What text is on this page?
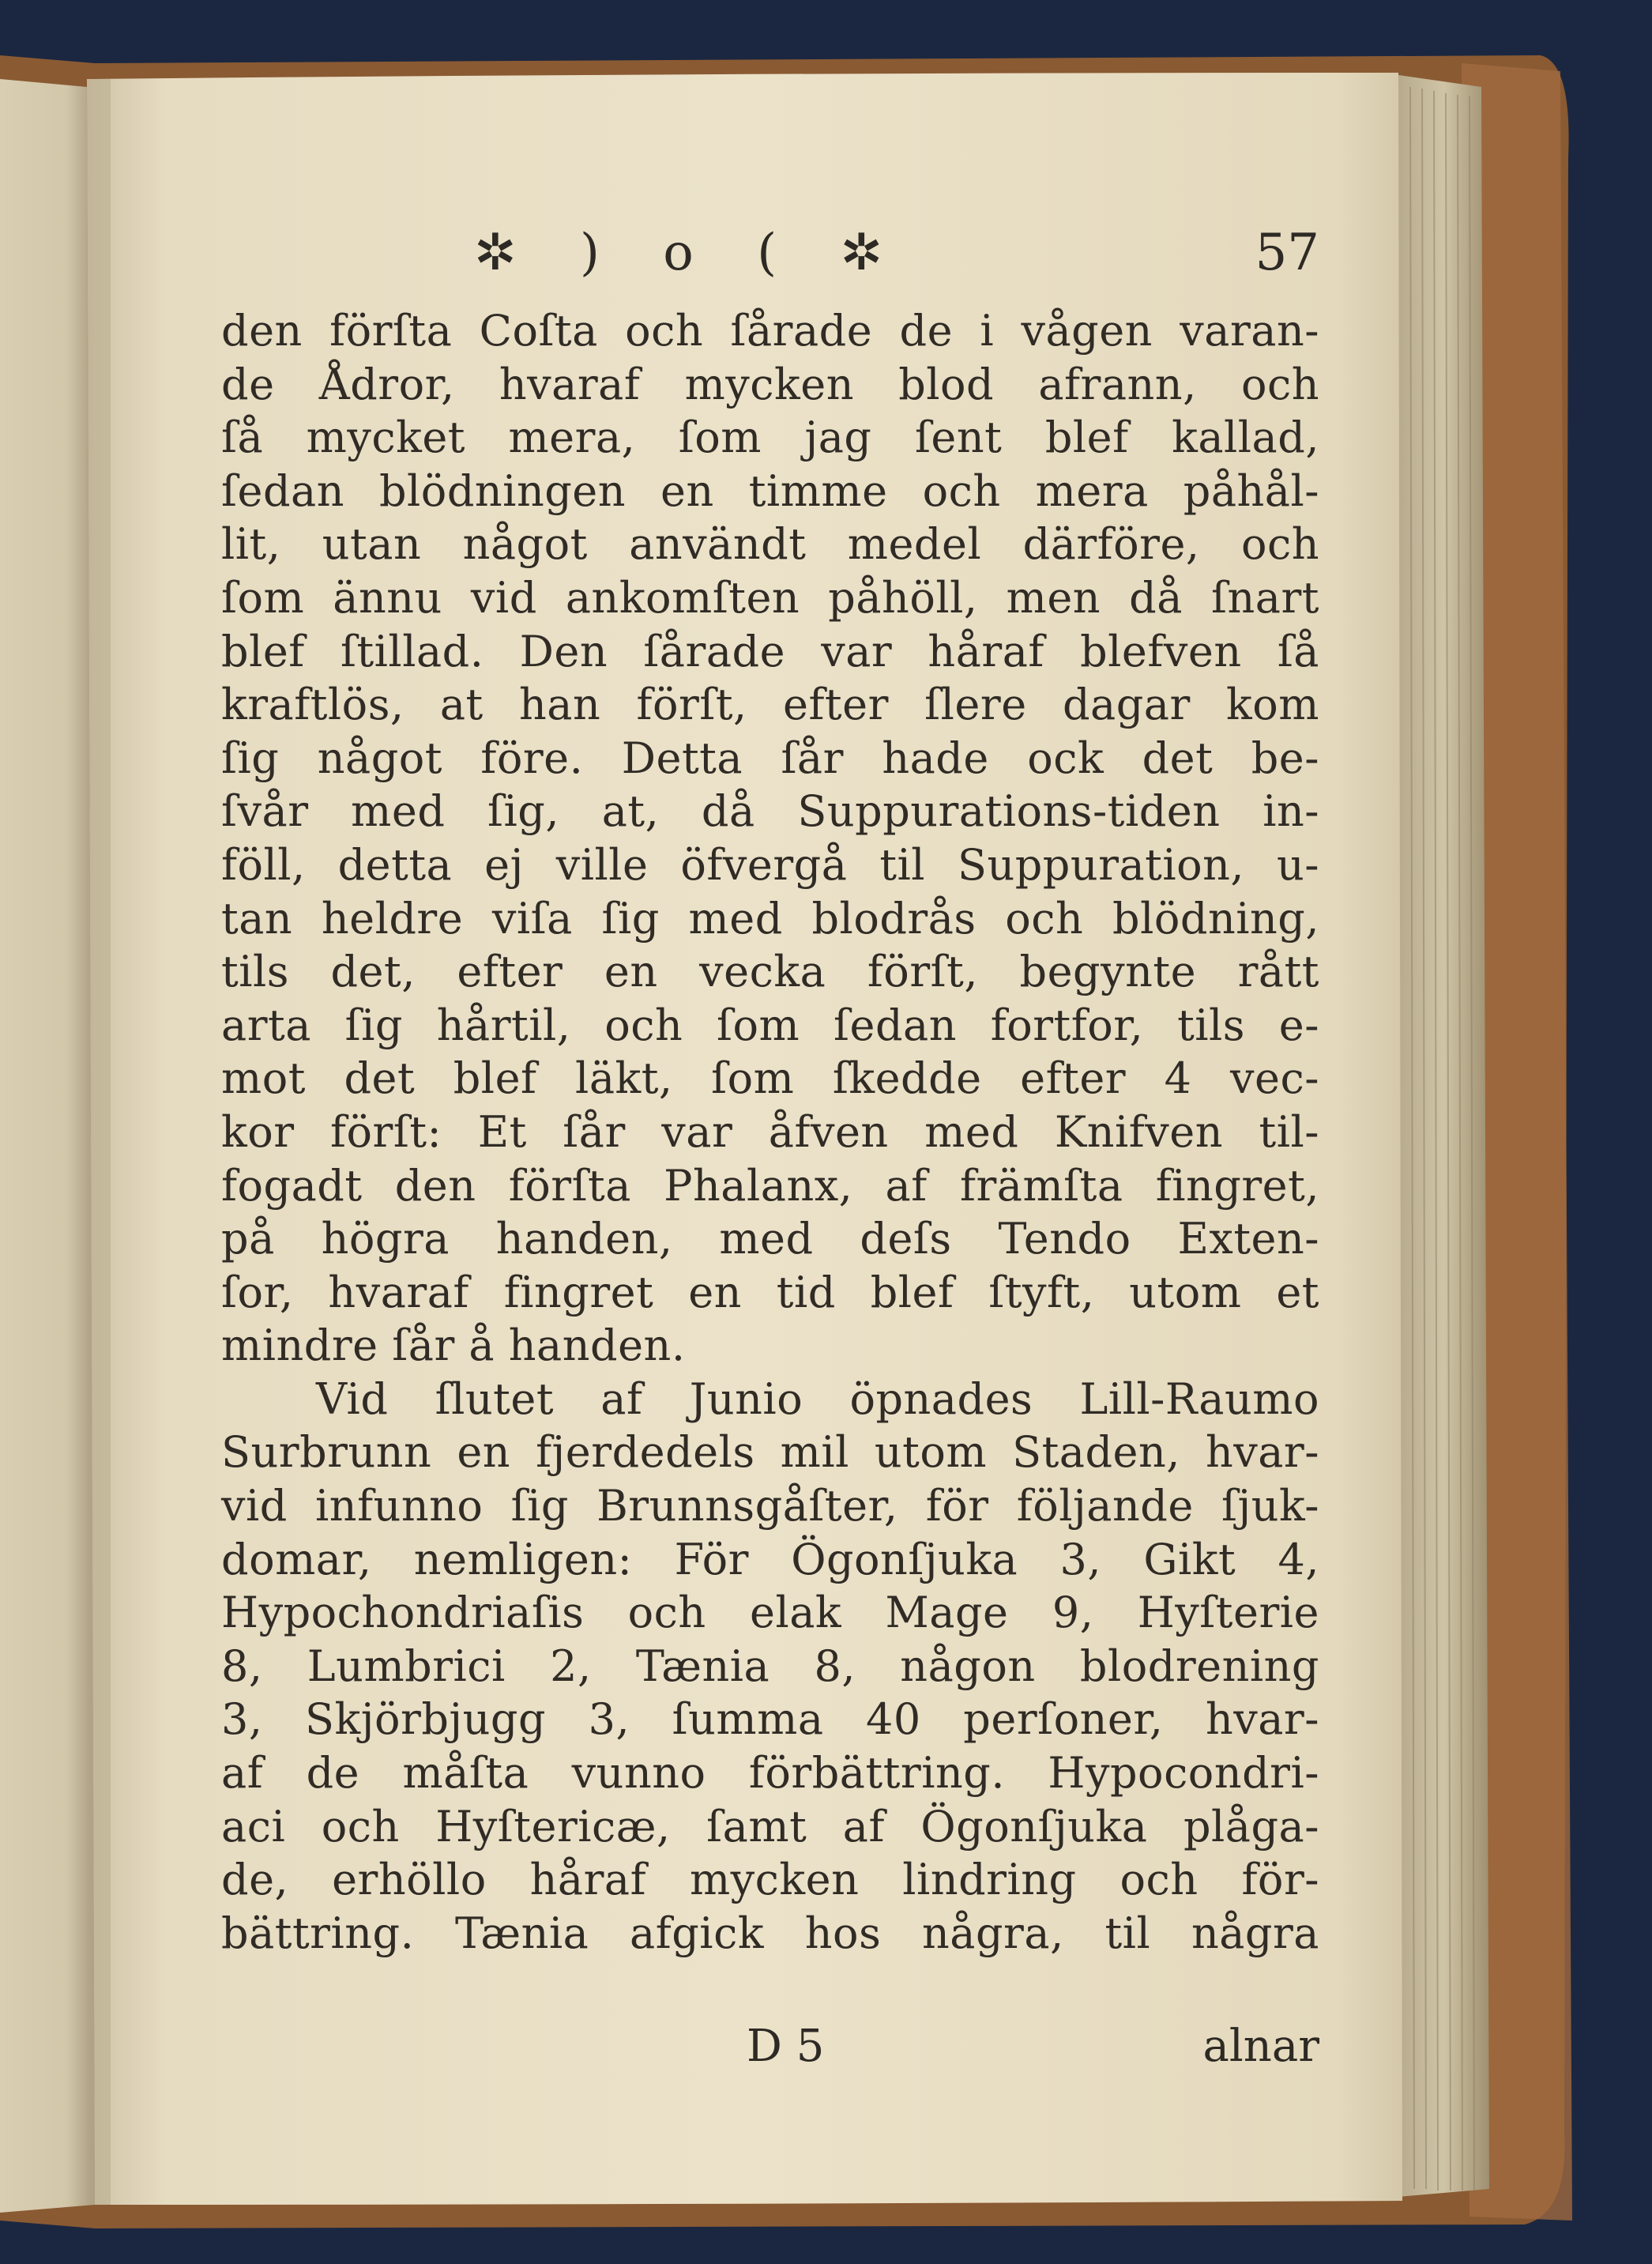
✲ ) o ( ✲	57
den förſta Coſta och ſårade de i vågen varan-
de Ådror, hvaraf mycken blod afrann, och
ſå mycket mera, ſom jag ſent blef kallad,
ſedan blödningen en timme och mera påhål-
lit, utan något användt medel därföre, och
ſom ännu vid ankomſten påhöll, men då ſnart
blef ſtillad. Den ſårade var håraf blefven ſå
kraftlös, at han förſt, efter ſlere dagar kom
ſig något före. Detta ſår hade ock det be-
ſvår med ſig, at, då Suppurations-tiden in-
föll, detta ej ville öfvergå til Suppuration, u-
tan heldre viſa ſig med blodrås och blödning,
tils det, efter en vecka förſt, begynte rått
arta ſig hårtil, och ſom ſedan fortfor, tils e-
mot det blef läkt, ſom ſkedde efter 4 vec-
kor förſt: Et ſår var åfven med Knifven til-
fogadt den förſta Phalanx, af främſta fingret,
på högra handen, med deſs Tendo Exten-
ſor, hvaraf fingret en tid blef ſtyft, utom et
mindre ſår å handen.
Vid ſlutet af Junio öpnades Lill-Raumo
Surbrunn en fjerdedels mil utom Staden, hvar-
vid infunno ſig Brunnsgåſter, för följande ſjuk-
domar, nemligen: För Ögonſjuka 3, Gikt 4,
Hypochondriaſis och elak Mage 9, Hyſterie
8, Lumbrici 2, Tænia 8, någon blodrening
3, Skjörbjugg 3, ſumma 40 perſoner, hvar-
af de måſta vunno förbättring. Hypocondri-
aci och Hyſtericæ, ſamt af Ögonſjuka plåga-
de, erhöllo håraf mycken lindring och för-
bättring. Tænia afgick hos några, til några
D 5	alnar
